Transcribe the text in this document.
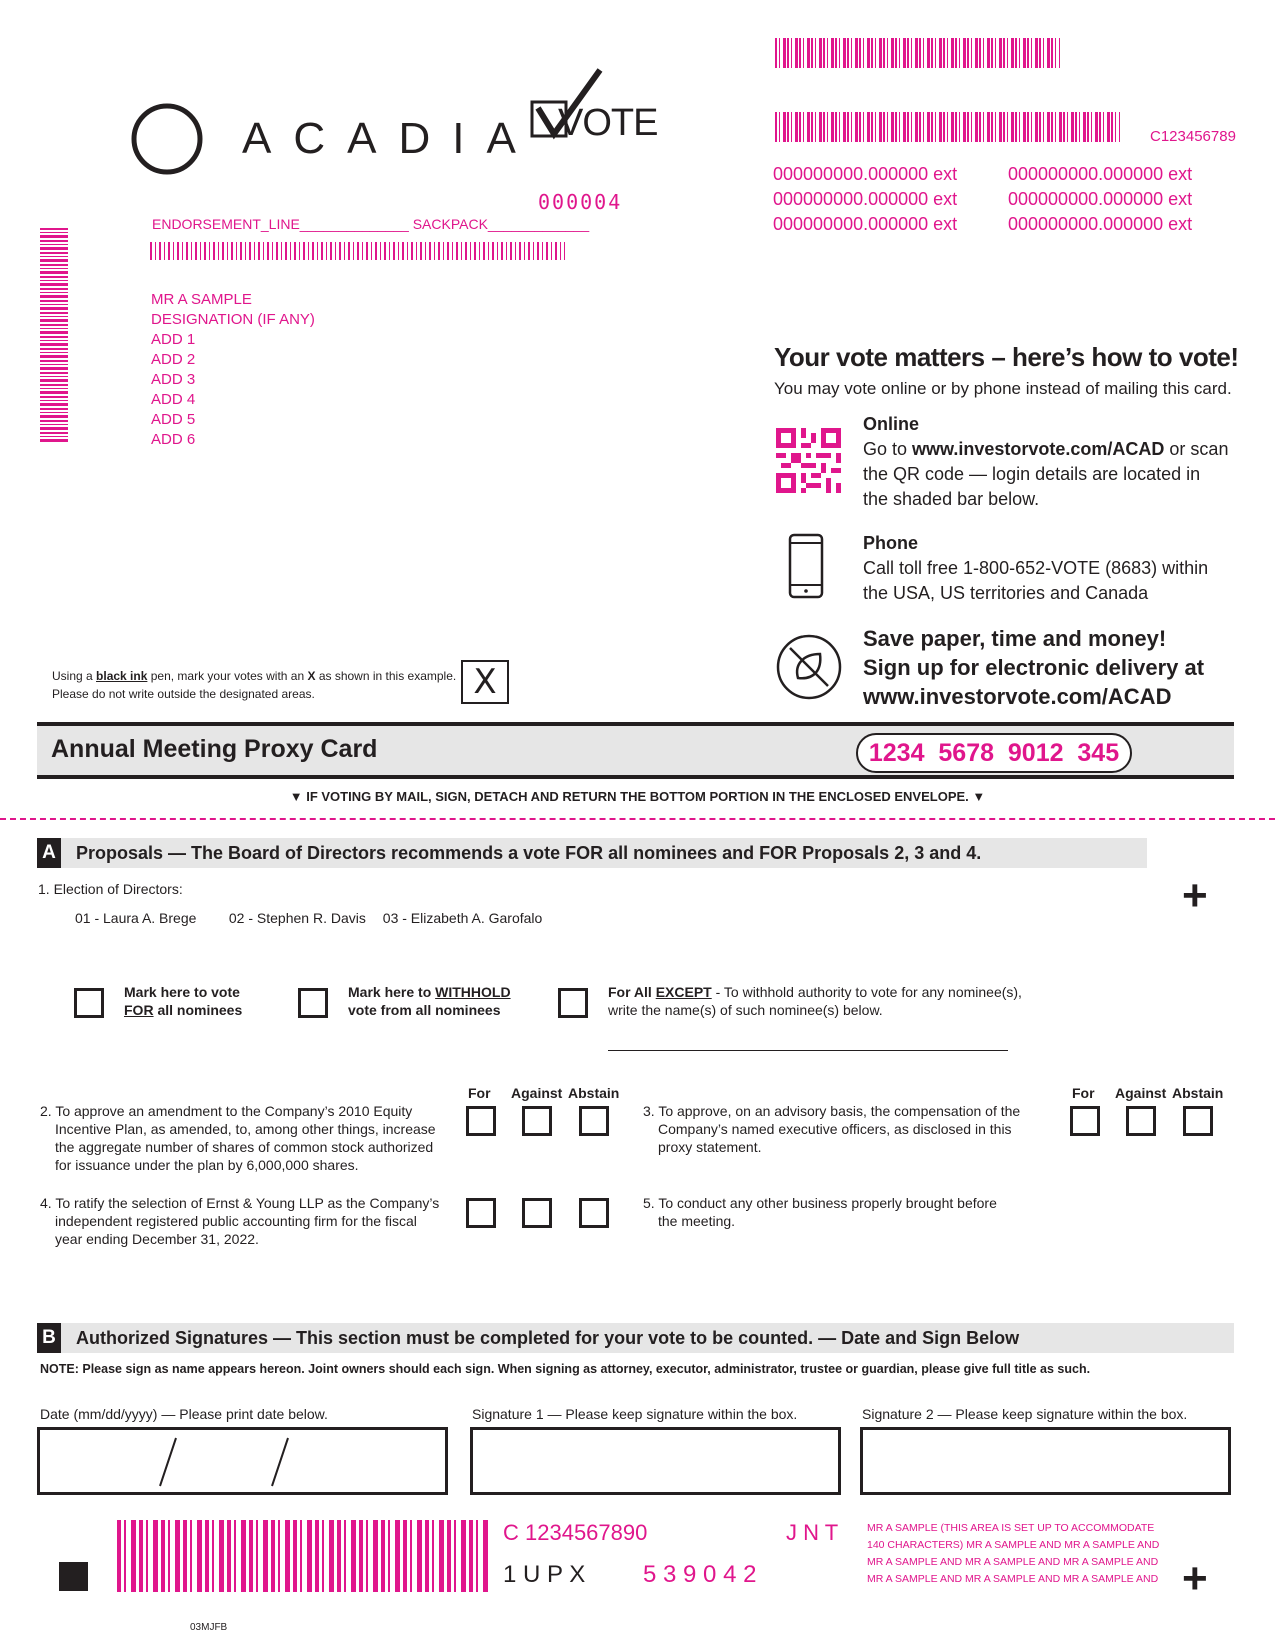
C123456789
000000000.000000 ext	000000000.000000 ext
000000000.000000 ext	000000000.000000 ext
000000000.000000 ext	000000000.000000 ext
ACADIA VOTE
000004
ENDORSEMENT_LINE______________ SACKPACK_____________
MR A SAMPLE
DESIGNATION (IF ANY)
ADD 1
ADD 2
ADD 3
ADD 4
ADD 5
ADD 6
Your vote matters – here’s how to vote!
You may vote online or by phone instead of mailing this card.
Online
Go to www.investorvote.com/ACAD or scan
the QR code — login details are located in
the shaded bar below.
Phone
Call toll free 1-800-652-VOTE (8683) within
the USA, US territories and Canada
Save paper, time and money!
Sign up for electronic delivery at
www.investorvote.com/ACAD
Using a black ink pen, mark your votes with an X as shown in this example.
Please do not write outside the designated areas.	X
Annual Meeting Proxy Card	1234  5678  9012  345
▼ IF VOTING BY MAIL, SIGN, DETACH AND RETURN THE BOTTOM PORTION IN THE ENCLOSED ENVELOPE. ▼
A Proposals — The Board of Directors recommends a vote FOR all nominees and FOR Proposals 2, 3 and 4.
+
1. Election of Directors:
01 - Laura A. Brege 02 - Stephen R. Davis 03 - Elizabeth A. Garofalo
Mark here to vote
FOR all nominees
Mark here to WITHHOLD
vote from all nominees
For All EXCEPT - To withhold authority to vote for any nominee(s),
write the name(s) of such nominee(s) below.
For Against Abstain	For Against Abstain
2. To approve an amendment to the Company’s 2010 Equity
Incentive Plan, as amended, to, among other things, increase
the aggregate number of shares of common stock authorized
for issuance under the plan by 6,000,000 shares.
3. To approve, on an advisory basis, the compensation of the
Company’s named executive officers, as disclosed in this
proxy statement.
4. To ratify the selection of Ernst & Young LLP as the Company’s
independent registered public accounting firm for the fiscal
year ending December 31, 2022.
5. To conduct any other business properly brought before
the meeting.
B Authorized Signatures — This section must be completed for your vote to be counted. — Date and Sign Below
NOTE: Please sign as name appears hereon. Joint owners should each sign. When signing as attorney, executor, administrator, trustee or guardian, please give full title as such.
Date (mm/dd/yyyy) — Please print date below.	Signature 1 — Please keep signature within the box.	Signature 2 — Please keep signature within the box.
C 1234567890	J N T
1 U P X 5 3 9 0 4 2
MR A SAMPLE (THIS AREA IS SET UP TO ACCOMMODATE
140 CHARACTERS) MR A SAMPLE AND MR A SAMPLE AND
MR A SAMPLE AND MR A SAMPLE AND MR A SAMPLE AND
MR A SAMPLE AND MR A SAMPLE AND MR A SAMPLE AND +
03MJFB
